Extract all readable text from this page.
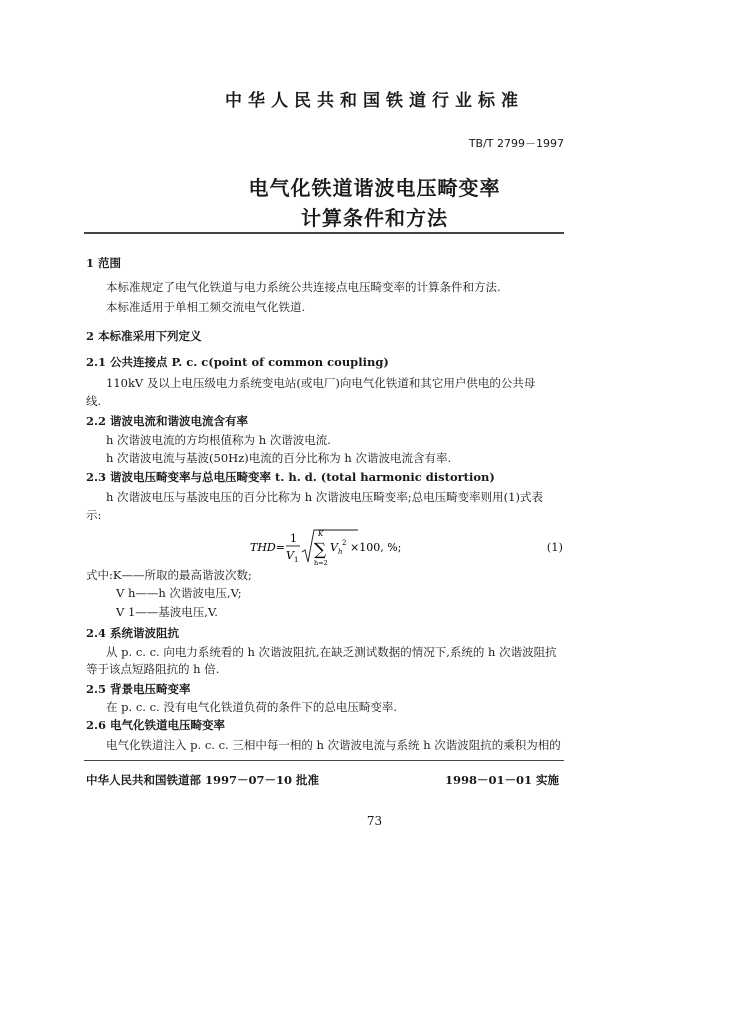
中华人民共和国铁道行业标准
TB/T 2799－1997
电气化铁道谐波电压畸变率
计算条件和方法
1 范围
本标准规定了电气化铁道与电力系统公共连接点电压畸变率的计算条件和方法.
本标准适用于单相工频交流电气化铁道.
2 本标准采用下列定义
2.1 公共连接点 P. c. c(point of common coupling)
110kV 及以上电压级电力系统变电站(或电厂)向电气化铁道和其它用户供电的公共母
线.
2.2 谐波电流和谐波电流含有率
h 次谐波电流的方均根值称为 h 次谐波电流.
h 次谐波电流与基波(50Hz)电流的百分比称为 h 次谐波电流含有率.
2.3 谐波电压畸变率与总电压畸变率 t. h. d. (total harmonic distortion)
h 次谐波电压与基波电压的百分比称为 h 次谐波电压畸变率;总电压畸变率则用(1)式表
示:
THD=
1
V 1
K
∑
h=2
V h
2 ×100, %;	(1)
式中:K——所取的最高谐波次数;
V h——h 次谐波电压,V;
V 1——基波电压,V.
2.4 系统谐波阻抗
从 p. c. c. 向电力系统看的 h 次谐波阻抗,在缺乏测试数据的情况下,系统的 h 次谐波阻抗
等于该点短路阻抗的 h 倍.
2.5 背景电压畸变率
在 p. c. c. 没有电气化铁道负荷的条件下的总电压畸变率.
2.6 电气化铁道电压畸变率
电气化铁道注入 p. c. c. 三相中每一相的 h 次谐波电流与系统 h 次谐波阻抗的乘积为相的
中华人民共和国铁道部 1997－07－10 批准	1998－01－01 实施
73
